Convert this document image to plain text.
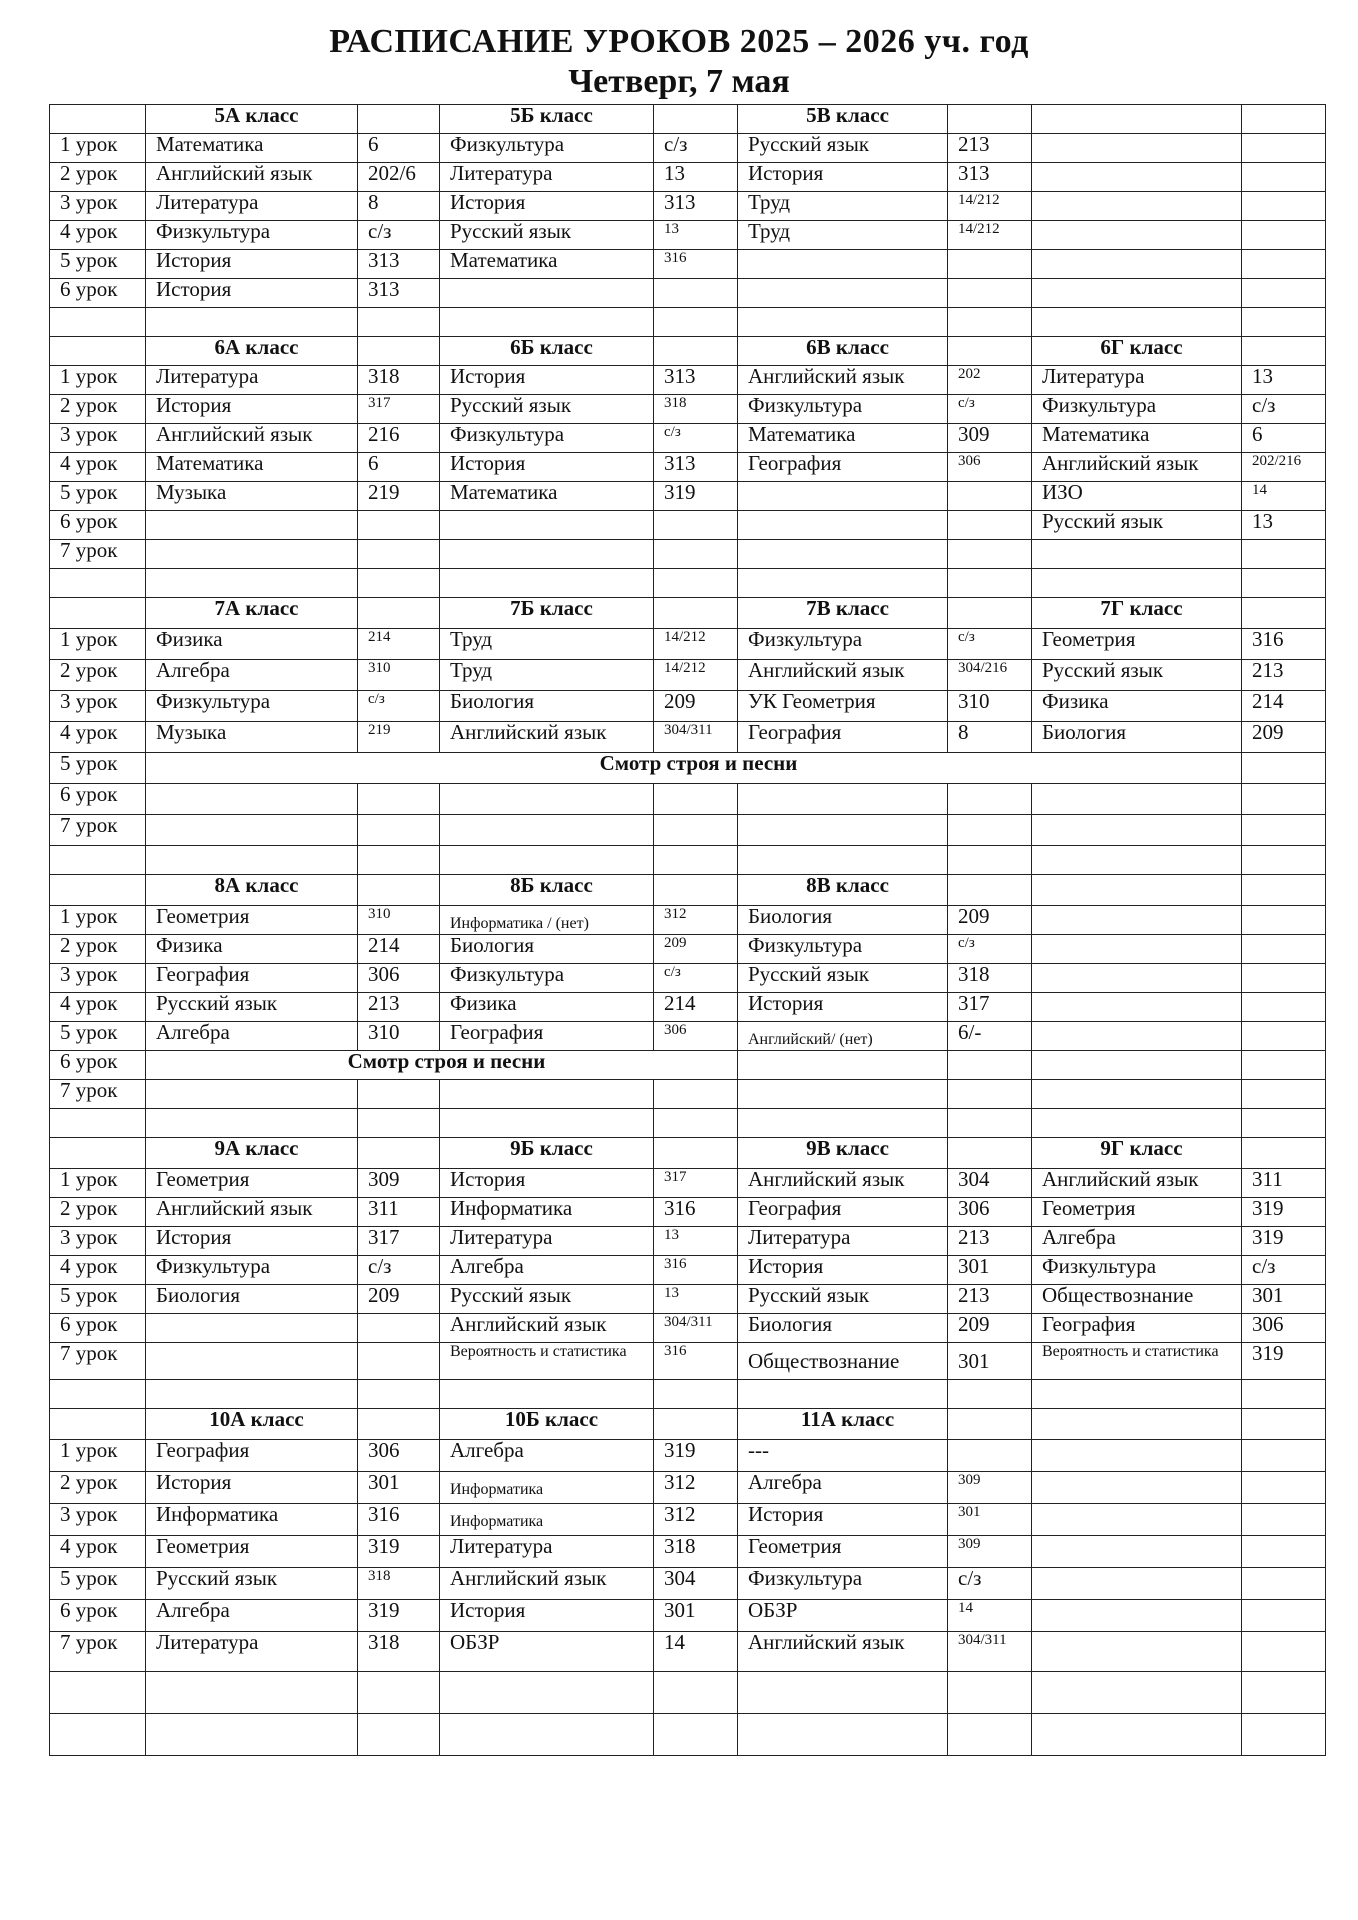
РАСПИСАНИЕ УРОКОВ 2025 – 2026 уч. год
Четверг, 7 мая
	5А класс		5Б класс		5В класс			
1 урок	Математика	6	Физкультура	с/з	Русский язык	213		
2 урок	Английский язык	202/6	Литература	13	История	313		
3 урок	Литература	8	История	313	Труд	14/212		
4 урок	Физкультура	с/з	Русский язык	13	Труд	14/212		
5 урок	История	313	Математика	316				
6 урок	История	313						

	6А класс		6Б класс		6В класс		6Г класс	
1 урок	Литература	318	История	313	Английский язык	202	Литература	13
2 урок	История	317	Русский язык	318	Физкультура	с/з	Физкультура	с/з
3 урок	Английский язык	216	Физкультура	с/з	Математика	309	Математика	6
4 урок	Математика	6	История	313	География	306	Английский язык	202/216
5 урок	Музыка	219	Математика	319			ИЗО	14
6 урок							Русский язык	13
7 урок								

	7А класс		7Б класс		7В класс		7Г класс	
1 урок	Физика	214	Труд	14/212	Физкультура	с/з	Геометрия	316
2 урок	Алгебра	310	Труд	14/212	Английский язык	304/216	Русский язык	213
3 урок	Физкультура	с/з	Биология	209	УК Геометрия	310	Физика	214
4 урок	Музыка	219	Английский язык	304/311	География	8	Биология	209
5 урок	Смотр строя и песни							
6 урок								
7 урок								

	8А класс		8Б класс		8В класс			
1 урок	Геометрия	310	Информатика / (нет)	312	Биология	209		
2 урок	Физика	214	Биология	209	Физкультура	с/з		
3 урок	География	306	Физкультура	с/з	Русский язык	318		
4 урок	Русский язык	213	Физика	214	История	317		
5 урок	Алгебра	310	География	306	Английский/ (нет)	6/-		
6 урок	Смотр строя и песни							
7 урок								

	9А класс		9Б класс		9В класс		9Г класс	
1 урок	Геометрия	309	История	317	Английский язык	304	Английский язык	311
2 урок	Английский язык	311	Информатика	316	География	306	Геометрия	319
3 урок	История	317	Литература	13	Литература	213	Алгебра	319
4 урок	Физкультура	с/з	Алгебра	316	История	301	Физкультура	с/з
5 урок	Биология	209	Русский язык	13	Русский язык	213	Обществознание	301
6 урок			Английский язык	304/311	Биология	209	География	306
7 урок			Вероятность и статистика	316	Обществознание	301	Вероятность и статистика	319

	10А класс		10Б класс		11А класс			
1 урок	География	306	Алгебра	319	---			
2 урок	История	301	Информатика	312	Алгебра	309		
3 урок	Информатика	316	Информатика	312	История	301		
4 урок	Геометрия	319	Литература	318	Геометрия	309		
5 урок	Русский язык	318	Английский язык	304	Физкультура	с/з		
6 урок	Алгебра	319	История	301	ОБЗР	14		
7 урок	Литература	318	ОБЗР	14	Английский язык	304/311		
